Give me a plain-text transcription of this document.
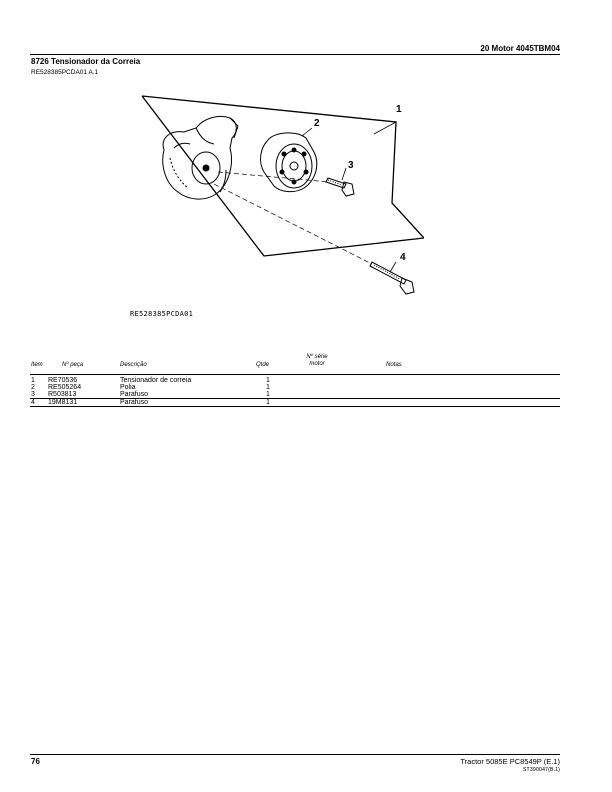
20 Motor 4045TBM04
8726 Tensionador da Correia
RE528385PCDA01 A.1
1
2
3
4
RE528385PCDA01
Item	Nº peça	Descrição	Qtde
Nº série
motor	Notas
1 RE70536	Tensionador de correia	1
2 RE505264	Polia	1
3 R503813	Parafuso	1
4 19M8131	Parafuso	1
76	Tractor 5085E PC8549P (E.1)
ST390047(B.1)
